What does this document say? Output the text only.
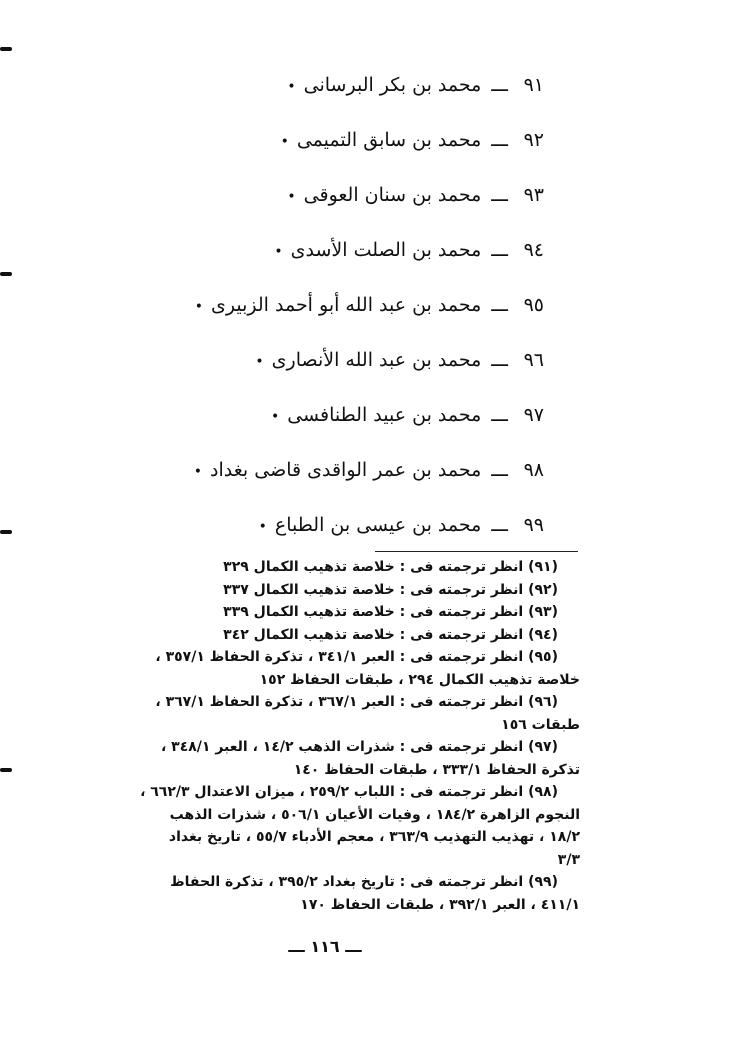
٩١ـــمحمد بن بكر البرسانى•
٩٢ـــمحمد بن سابق التميمى•
٩٣ـــمحمد بن سنان العوقى•
٩٤ـــمحمد بن الصلت الأسدى•
٩٥ـــمحمد بن عبد الله أبو أحمد الزبيرى•
٩٦ـــمحمد بن عبد الله الأنصارى•
٩٧ـــمحمد بن عبيد الطنافسى•
٩٨ـــمحمد بن عمر الواقدى قاضى بغداد•
٩٩ـــمحمد بن عيسى بن الطباع•
(٩١) انظر ترجمته فى : خلاصة تذهيب الكمال ٣٢٩
(٩٢) انظر ترجمته فى : خلاصة تذهيب الكمال ٣٣٧
(٩٣) انظر ترجمته فى : خلاصة تذهيب الكمال ٣٣٩
(٩٤) انظر ترجمته فى : خلاصة تذهيب الكمال ٣٤٢
(٩٥) انظر ترجمته فى : العبر ٣٤١/١ ، تذكرة الحفاظ ٣٥٧/١ ،
خلاصة تذهيب الكمال ٢٩٤ ، طبقات الحفاظ ١٥٢
(٩٦) انظر ترجمته فى : العبر ٣٦٧/١ ، تذكرة الحفاظ ٣٦٧/١ ،
طبقات ١٥٦
(٩٧) انظر ترجمته فى : شذرات الذهب ١٤/٢ ، العبر ٣٤٨/١ ،
تذكرة الحفاظ ٣٣٣/١ ، طبقات الحفاظ ١٤٠
(٩٨) انظر ترجمته فى : اللباب ٢٥٩/٢ ، ميزان الاعتدال ٦٦٢/٣ ،
النجوم الزاهرة ١٨٤/٢ ، وفيات الأعيان ٥٠٦/١ ، شذرات الذهب
١٨/٢ ، تهذيب التهذيب ٣٦٣/٩ ، معجم الأدباء ٥٥/٧ ، تاريخ بغداد
٣/٣
(٩٩) انظر ترجمته فى : تاريخ بغداد ٣٩٥/٢ ، تذكرة الحفاظ
٤١١/١ ، العبر ٣٩٢/١ ، طبقات الحفاظ ١٧٠
ـــ ١١٦ ـــ
